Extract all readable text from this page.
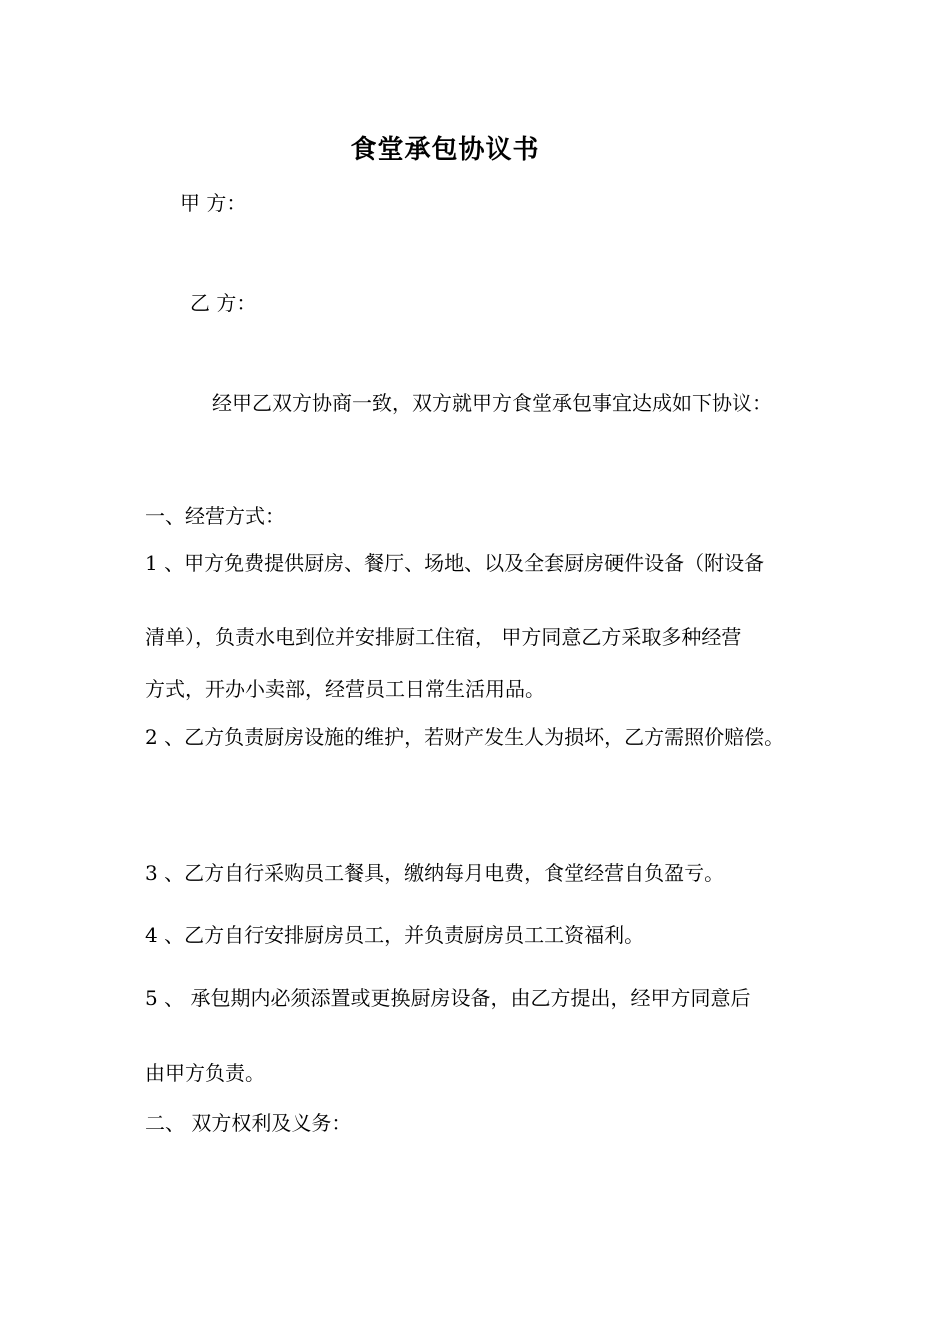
食堂承包协议书
甲 方：
乙 方：
经甲乙双方协商一致，双方就甲方食堂承包事宜达成如下协议：
一、经营方式：
1 、甲方免费提供厨房、餐厅、场地、以及全套厨房硬件设备（附设备
清单），负责水电到位并安排厨工住宿， 甲方同意乙方采取多种经营
方式，开办小卖部，经营员工日常生活用品。
2 、乙方负责厨房设施的维护，若财产发生人为损坏，乙方需照价赔偿。
3 、乙方自行采购员工餐具，缴纳每月电费，食堂经营自负盈亏。
4 、乙方自行安排厨房员工，并负责厨房员工工资福利。
5 、 承包期内必须添置或更换厨房设备，由乙方提出，经甲方同意后
由甲方负责。
二、 双方权利及义务：
